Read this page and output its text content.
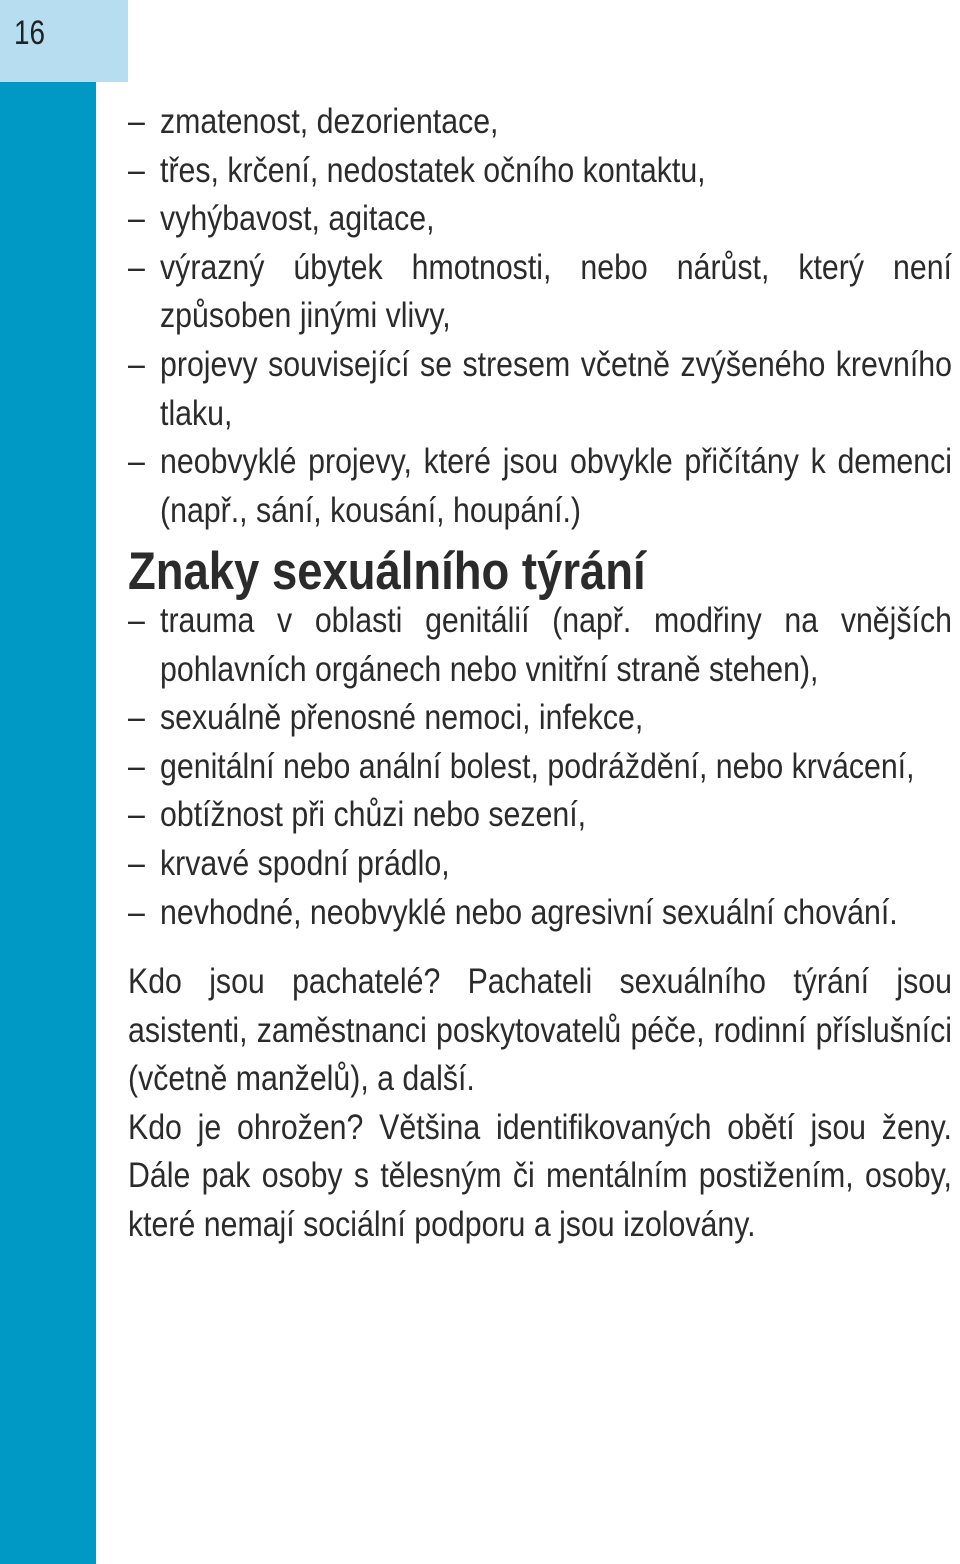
16
– zmatenost, dezorientace,
– třes, krčení, nedostatek očního kontaktu,
– vyhýbavost, agitace,
– výrazný úbytek hmotnosti, nebo nárůst, který není způsoben jinými vlivy,
– projevy související se stresem včetně zvýšeného krevního tlaku,
– neobvyklé projevy, které jsou obvykle přičítány k demenci (např., sání, kousání, houpání.)
Znaky sexuálního týrání
– trauma v oblasti genitálií (např. modřiny na vnějších pohlavních orgánech nebo vnitřní straně stehen),
– sexuálně přenosné nemoci, infekce,
– genitální nebo anální bolest, podráždění, nebo krvácení,
– obtížnost při chůzi nebo sezení,
– krvavé spodní prádlo,
– nevhodné, neobvyklé nebo agresivní sexuální chování.

Kdo jsou pachatelé? Pachateli sexuálního týrání jsou asistenti, zaměstnanci poskytovatelů péče, rodinní příslušníci (včetně manželů), a další.

Kdo je ohrožen? Většina identifikovaných obětí jsou ženy. Dále pak osoby s tělesným či mentálním postižením, osoby, které nemají sociální podporu a jsou izolovány.
